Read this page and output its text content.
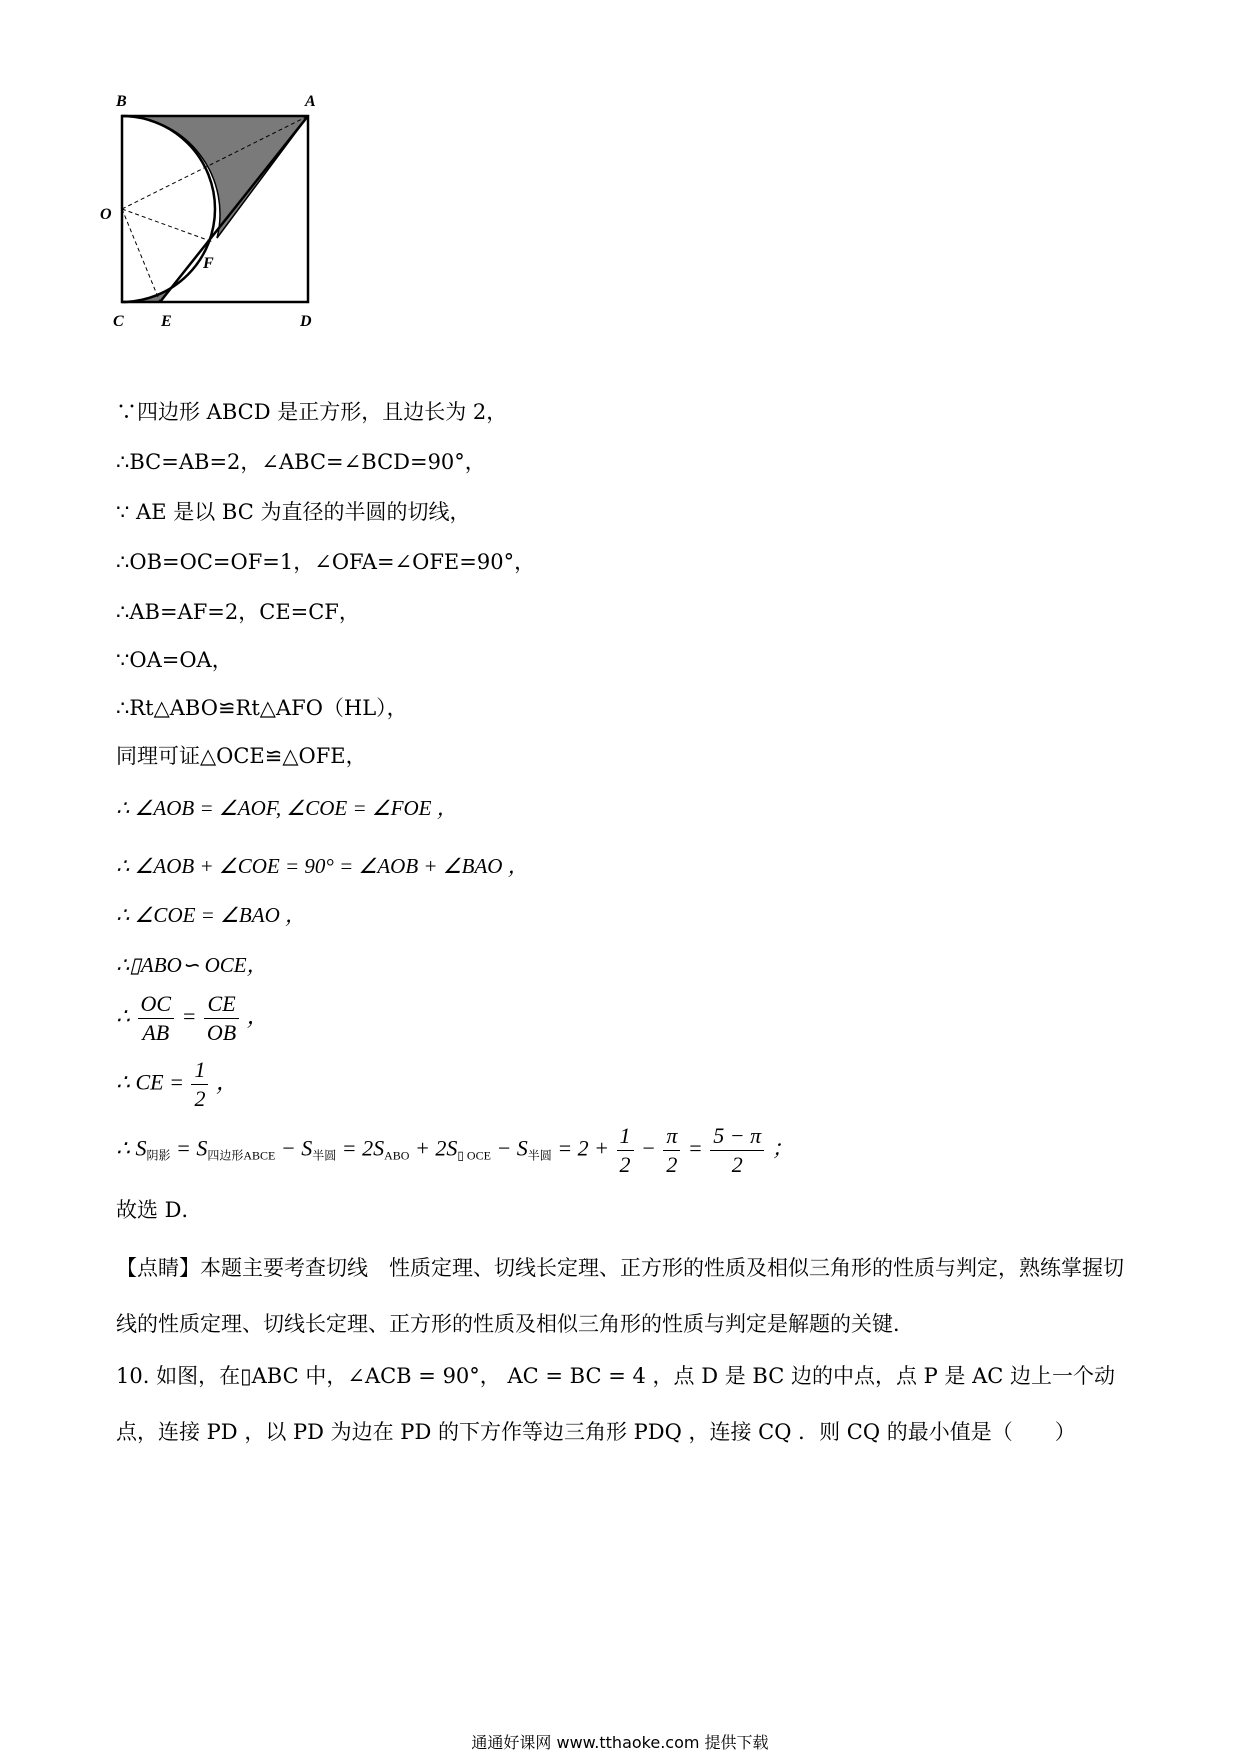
B	A
O
F
C E	D
∵四边形 ABCD 是正方形，且边长为 2，
∴BC=AB=2，∠ABC=∠BCD=90°，
∵ AE 是以 BC 为直径的半圆的切线，
∴OB=OC=OF=1，∠OFA=∠OFE=90°，
∴AB=AF=2，CE=CF，
∵OA=OA，
∴Rt△ABO≌Rt△AFO（HL），
同理可证△OCE≌△OFE，
∴ ∠AOB = ∠AOF, ∠COE = ∠FOE ，
∴ ∠AOB + ∠COE = 90° = ∠AOB + ∠BAO ，
∴ ∠COE = ∠BAO ，
∴▯ABO∽ OCE，
∴ $\frac{OC}{AB} = \frac{CE}{OB}$ ，
∴ CE = $\frac{1}{2}$ ，
∴ $S_{阴影} = S_{四边形ABCE} - S_{半圆} = 2S_{ABO} + 2S_{▯ OCE} - S_{半圆} = 2 + \frac{1}{2} - \frac{\pi}{2} = \frac{5 - \pi}{2}$ ；
故选 D．
【点睛】本题主要考查切线　性质定理、切线长定理、正方形的性质及相似三角形的性质与判定，熟练掌握切线的性质定理、切线长定理、正方形的性质及相似三角形的性质与判定是解题的关键．
10. 如图，在▯ABC 中，∠ACB = 90°， AC = BC = 4 ，点 D 是 BC 边的中点，点 P 是 AC 边上一个动点，连接 PD ，以 PD 为边在 PD 的下方作等边三角形 PDQ ，连接 CQ ．则 CQ 的最小值是（　　）
通通好课网 www.tthaoke.com 提供下载
